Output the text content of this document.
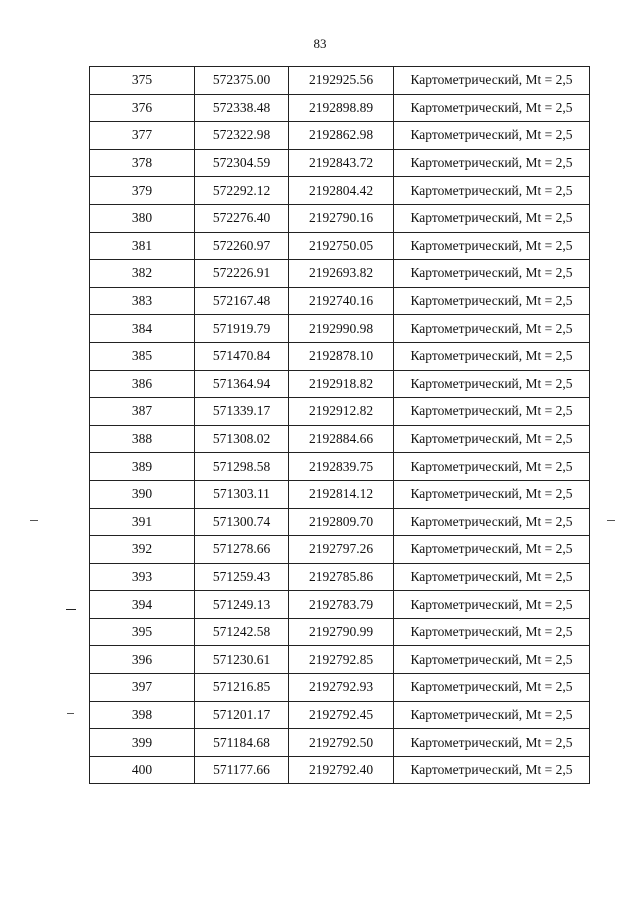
83
375	572375.00	2192925.56	Картометрический, Mt = 2,5
376	572338.48	2192898.89	Картометрический, Mt = 2,5
377	572322.98	2192862.98	Картометрический, Mt = 2,5
378	572304.59	2192843.72	Картометрический, Mt = 2,5
379	572292.12	2192804.42	Картометрический, Mt = 2,5
380	572276.40	2192790.16	Картометрический, Mt = 2,5
381	572260.97	2192750.05	Картометрический, Mt = 2,5
382	572226.91	2192693.82	Картометрический, Mt = 2,5
383	572167.48	2192740.16	Картометрический, Mt = 2,5
384	571919.79	2192990.98	Картометрический, Mt = 2,5
385	571470.84	2192878.10	Картометрический, Mt = 2,5
386	571364.94	2192918.82	Картометрический, Mt = 2,5
387	571339.17	2192912.82	Картометрический, Mt = 2,5
388	571308.02	2192884.66	Картометрический, Mt = 2,5
389	571298.58	2192839.75	Картометрический, Mt = 2,5
390	571303.11	2192814.12	Картометрический, Mt = 2,5
391	571300.74	2192809.70	Картометрический, Mt = 2,5
392	571278.66	2192797.26	Картометрический, Mt = 2,5
393	571259.43	2192785.86	Картометрический, Mt = 2,5
394	571249.13	2192783.79	Картометрический, Mt = 2,5
395	571242.58	2192790.99	Картометрический, Mt = 2,5
396	571230.61	2192792.85	Картометрический, Mt = 2,5
397	571216.85	2192792.93	Картометрический, Mt = 2,5
398	571201.17	2192792.45	Картометрический, Mt = 2,5
399	571184.68	2192792.50	Картометрический, Mt = 2,5
400	571177.66	2192792.40	Картометрический, Mt = 2,5
